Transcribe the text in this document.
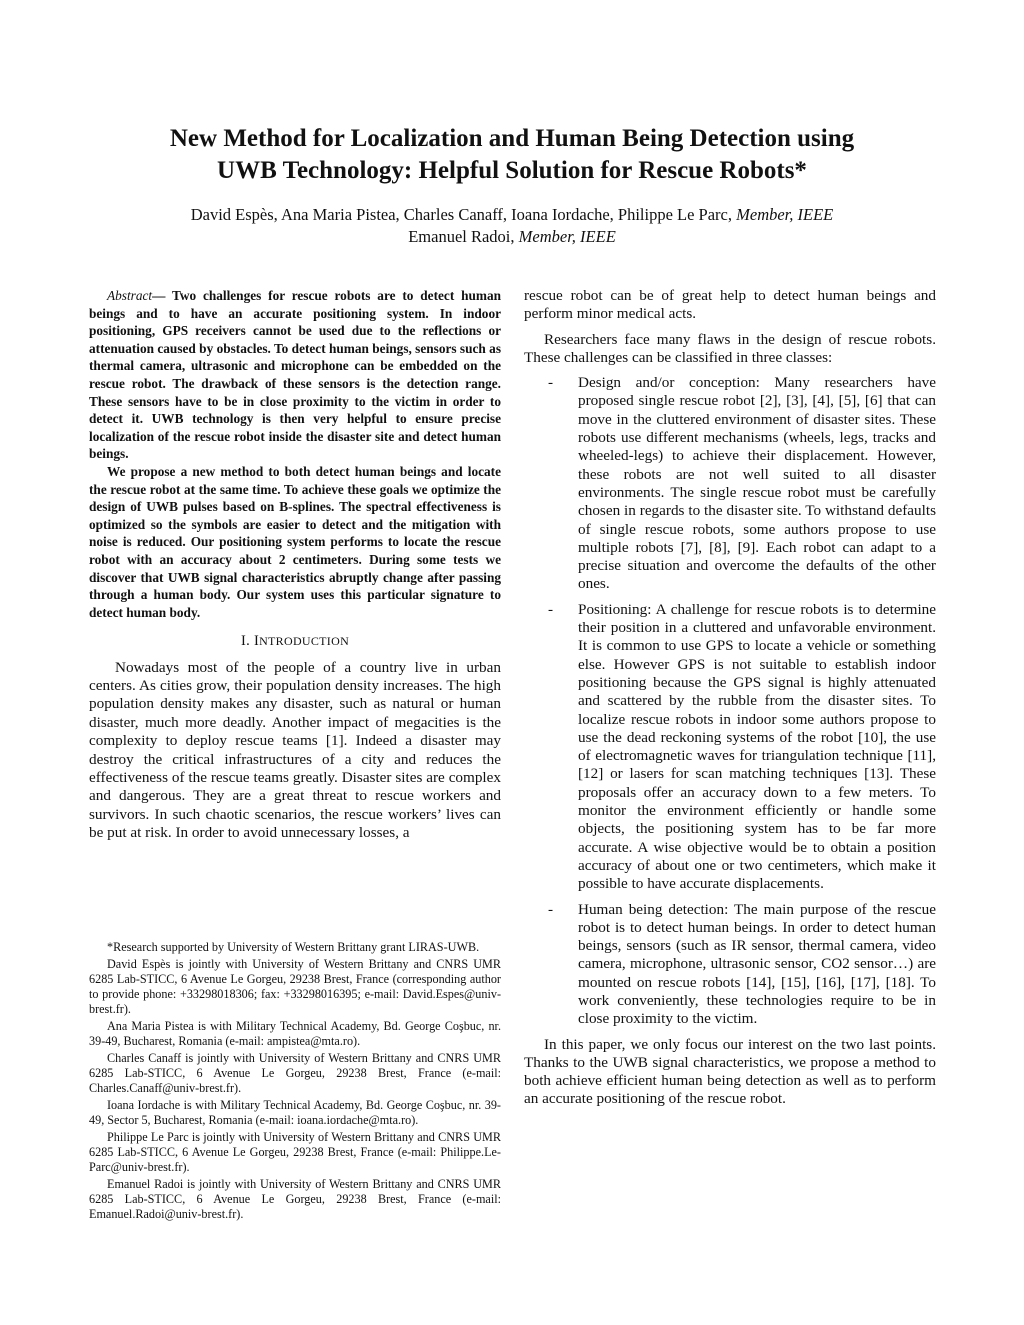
New Method for Localization and Human Being Detection using
UWB Technology: Helpful Solution for Rescue Robots*
David Espès, Ana Maria Pistea, Charles Canaff, Ioana Iordache, Philippe Le Parc, Member, IEEE
Emanuel Radoi, Member, IEEE

Abstract— Two challenges for rescue robots are to detect human beings and to have an accurate positioning system. In indoor positioning, GPS receivers cannot be used due to the reflections or attenuation caused by obstacles. To detect human beings, sensors such as thermal camera, ultrasonic and microphone can be embedded on the rescue robot. The drawback of these sensors is the detection range. These sensors have to be in close proximity to the victim in order to detect it. UWB technology is then very helpful to ensure precise localization of the rescue robot inside the disaster site and detect human beings.

We propose a new method to both detect human beings and locate the rescue robot at the same time. To achieve these goals we optimize the design of UWB pulses based on B-splines. The spectral effectiveness is optimized so the symbols are easier to detect and the mitigation with noise is reduced. Our positioning system performs to locate the rescue robot with an accuracy about 2 centimeters. During some tests we discover that UWB signal characteristics abruptly change after passing through a human body. Our system uses this particular signature to detect human body.

I. INTRODUCTION

Nowadays most of the people of a country live in urban centers. As cities grow, their population density increases. The high population density makes any disaster, such as natural or human disaster, much more deadly. Another impact of megacities is the complexity to deploy rescue teams [1]. Indeed a disaster may destroy the critical infrastructures of a city and reduces the effectiveness of the rescue teams greatly. Disaster sites are complex and dangerous. They are a great threat to rescue workers and survivors. In such chaotic scenarios, the rescue workers’ lives can be put at risk. In order to avoid unnecessary losses, a

*Research supported by University of Western Brittany grant LIRAS-UWB.

David Espès is jointly with University of Western Brittany and CNRS UMR 6285 Lab-STICC, 6 Avenue Le Gorgeu, 29238 Brest, France (corresponding author to provide phone: +33298018306; fax: +33298016395; e-mail: David.Espes@univ-brest.fr).

Ana Maria Pistea is with Military Technical Academy, Bd. George Coşbuc, nr. 39-49, Bucharest, Romania (e-mail: ampistea@mta.ro).

Charles Canaff is jointly with University of Western Brittany and CNRS UMR 6285 Lab-STICC, 6 Avenue Le Gorgeu, 29238 Brest, France (e-mail: Charles.Canaff@univ-brest.fr).

Ioana Iordache is with Military Technical Academy, Bd. George Coşbuc, nr. 39-49, Sector 5, Bucharest, Romania (e-mail: ioana.iordache@mta.ro).

Philippe Le Parc is jointly with University of Western Brittany and CNRS UMR 6285 Lab-STICC, 6 Avenue Le Gorgeu, 29238 Brest, France (e-mail: Philippe.Le-Parc@univ-brest.fr).

Emanuel Radoi is jointly with University of Western Brittany and CNRS UMR 6285 Lab-STICC, 6 Avenue Le Gorgeu, 29238 Brest, France (e-mail: Emanuel.Radoi@univ-brest.fr).

rescue robot can be of great help to detect human beings and perform minor medical acts.

Researchers face many flaws in the design of rescue robots. These challenges can be classified in three classes:

-	Design and/or conception: Many researchers have proposed single rescue robot [2], [3], [4], [5], [6] that can move in the cluttered environment of disaster sites. These robots use different mechanisms (wheels, legs, tracks and wheeled-legs) to achieve their displacement. However, these robots are not well suited to all disaster environments. The single rescue robot must be carefully chosen in regards to the disaster site. To withstand defaults of single rescue robots, some authors propose to use multiple robots [7], [8], [9]. Each robot can adapt to a precise situation and overcome the defaults of the other ones.
-	Positioning: A challenge for rescue robots is to determine their position in a cluttered and unfavorable environment. It is common to use GPS to locate a vehicle or something else. However GPS is not suitable to establish indoor positioning because the GPS signal is highly attenuated and scattered by the rubble from the disaster sites. To localize rescue robots in indoor some authors propose to use the dead reckoning systems of the robot [10], the use of electromagnetic waves for triangulation technique [11], [12] or lasers for scan matching techniques [13]. These proposals offer an accuracy down to a few meters. To monitor the environment efficiently or handle some objects, the positioning system has to be far more accurate. A wise objective would be to obtain a position accuracy of about one or two centimeters, which make it possible to have accurate displacements.
-	Human being detection: The main purpose of the rescue robot is to detect human beings. In order to detect human beings, sensors (such as IR sensor, thermal camera, video camera, microphone, ultrasonic sensor, CO2 sensor…) are mounted on rescue robots [14], [15], [16], [17], [18]. To work conveniently, these technologies require to be in close proximity to the victim.

In this paper, we only focus our interest on the two last points. Thanks to the UWB signal characteristics, we propose a method to both achieve efficient human being detection as well as to perform an accurate positioning of the rescue robot.
